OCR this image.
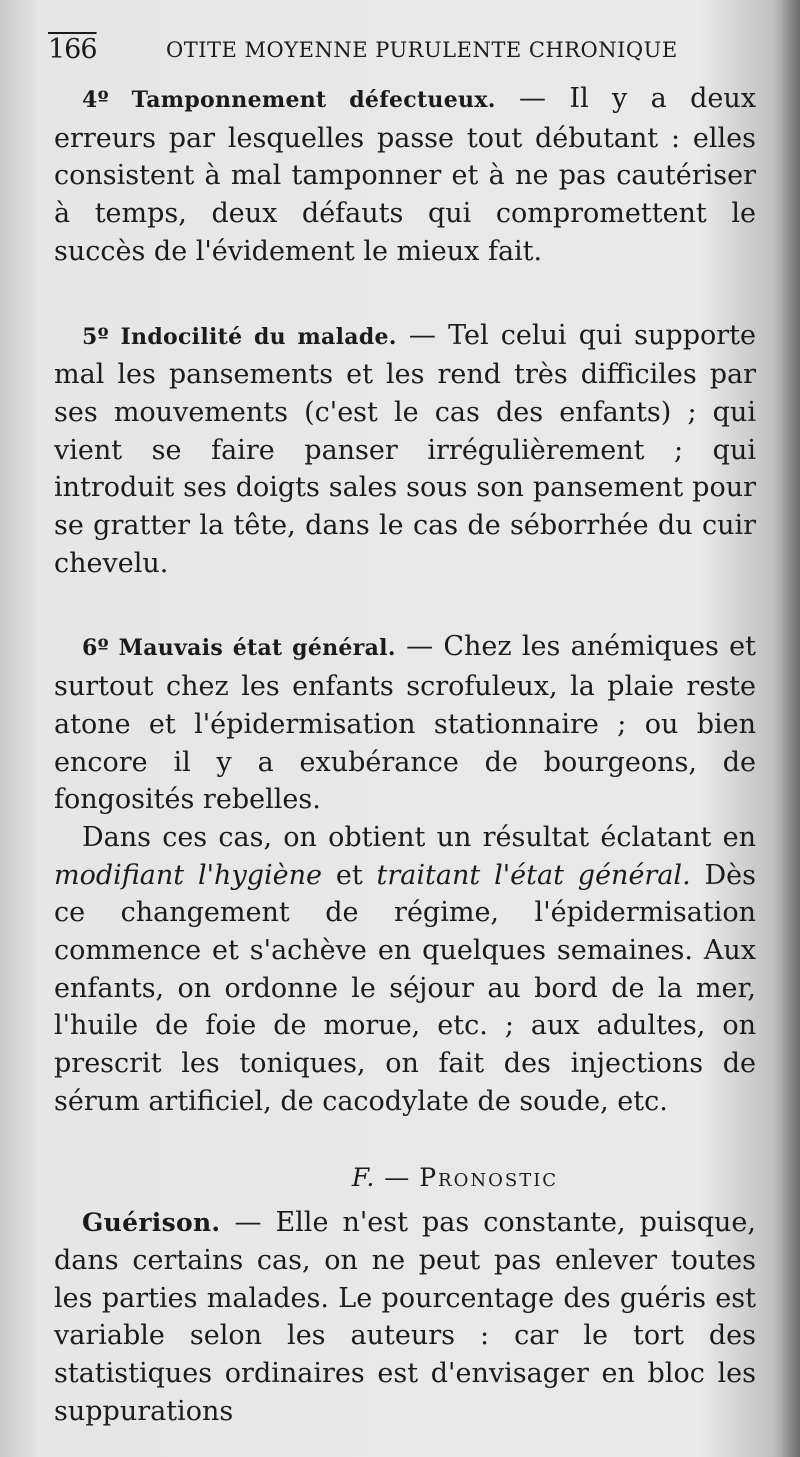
166	OTITE MOYENNE PURULENTE CHRONIQUE

4º Tamponnement défectueux. — Il y a deux erreurs par lesquelles passe tout débutant : elles consistent à mal tamponner et à ne pas cautériser à temps, deux défauts qui compromettent le succès de l'évidement le mieux fait.

5º Indocilité du malade. — Tel celui qui supporte mal les pansements et les rend très difficiles par ses mouvements (c'est le cas des enfants) ; qui vient se faire panser irrégulièrement ; qui introduit ses doigts sales sous son pansement pour se gratter la tête, dans le cas de séborrhée du cuir chevelu.

6º Mauvais état général. — Chez les anémiques et surtout chez les enfants scrofuleux, la plaie reste atone et l'épidermisation stationnaire ; ou bien encore il y a exubérance de bourgeons, de fongosités rebelles.

Dans ces cas, on obtient un résultat éclatant en modifiant l'hygiène et traitant l'état général. Dès ce changement de régime, l'épidermisation commence et s'achève en quelques semaines. Aux enfants, on ordonne le séjour au bord de la mer, l'huile de foie de morue, etc. ; aux adultes, on prescrit les toniques, on fait des injections de sérum artificiel, de cacodylate de soude, etc.

F. — Pronostic

Guérison. — Elle n'est pas constante, puisque, dans certains cas, on ne peut pas enlever toutes les parties malades. Le pourcentage des guéris est variable selon les auteurs : car le tort des statistiques ordinaires est d'envisager en bloc les suppurations
